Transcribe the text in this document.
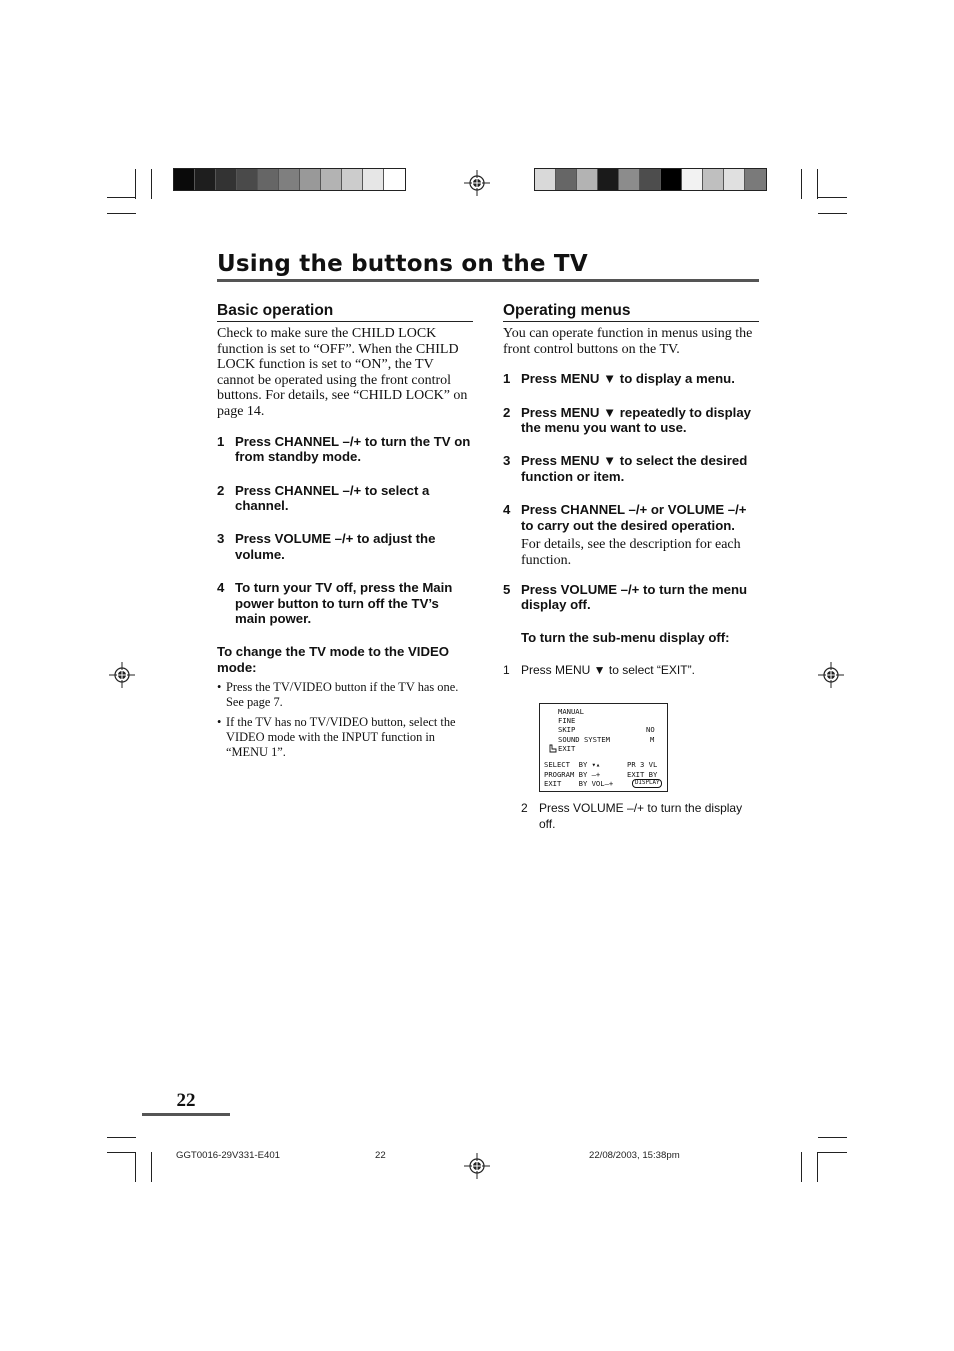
Using the buttons on the TV
Basic operation

Check to make sure the CHILD LOCK function is set to “OFF”. When the CHILD LOCK function is set to “ON”, the TV cannot be operated using the front control buttons. For details, see “CHILD LOCK” on page 14.

1 Press CHANNEL –/+ to turn the TV on from standby mode.
2 Press CHANNEL –/+ to select a channel.
3 Press VOLUME –/+ to adjust the volume.
4 To turn your TV off, press the Main power button to turn off the TV’s main power.
To change the TV mode to the VIDEO mode:
• Press the TV/VIDEO button if the TV has one. See page 7.
• If the TV has no TV/VIDEO button, select the VIDEO mode with the INPUT function in “MENU 1”.
Operating menus

You can operate function in menus using the front control buttons on the TV.

1 Press MENU ▼ to display a menu.
2 Press MENU ▼ repeatedly to display the menu you want to use.
3 Press MENU ▼ to select the desired function or item.
4 Press CHANNEL –/+ or VOLUME –/+ to carry out the desired operation.

For details, see the description for each function.

5 Press VOLUME –/+ to turn the menu display off.
To turn the sub-menu display off:
1 Press MENU ▼ to select “EXIT”.
MANUAL
FINE
SKIP	NO
SOUND SYSTEM	M
EXIT
SELECT  BY ▾▴	PR 3 VL
PROGRAM BY –+	EXIT BY
EXIT    BY VOL–+	DISPLAY
2 Press VOLUME –/+ to turn the display off.
22
GGT0016-29V331-E401	22	22/08/2003, 15:38pm
